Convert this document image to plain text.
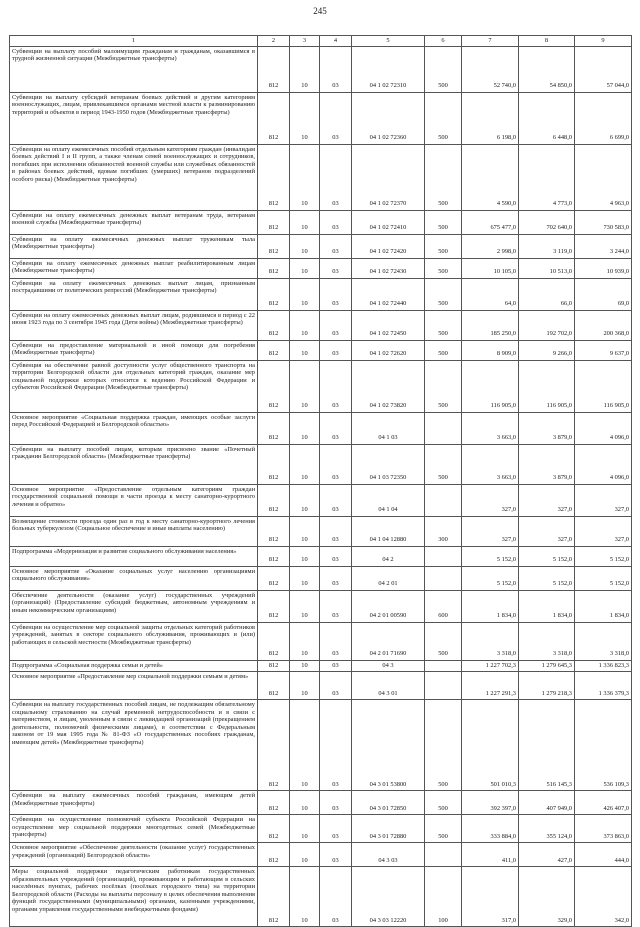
245
1	2	3	4	5	6	7	8	9
Субвенции на выплату пособий малоимущим гражданам и гражданам, оказавшимся в трудной жизненной ситуации (Межбюджетные трансферты)	812	10	03	04 1 02 72310	500	52 740,0	54 850,0	57 044,0
Субвенции на выплату субсидий ветеранам боевых действий и другим категориям военнослужащих, лицам, привлекавшимся органами местной власти к разминированию территорий и объектов в период 1943-1950 годов (Межбюджетные трансферты)	812	10	03	04 1 02 72360	500	6 198,0	6 448,0	6 699,0
Субвенции на оплату ежемесячных пособий отдельным категориям граждан (инвалидам боевых действий I и II групп, а также членам семей военнослужащих и сотрудников, погибших при исполнении обязанностей военной службы или служебных обязанностей в районах боевых действий, вдовам погибших (умерших) ветеранов подразделений особого риска) (Межбюджетные трансферты)	812	10	03	04 1 02 72370	500	4 590,0	4 773,0	4 963,0
Субвенции на оплату ежемесячных денежных выплат ветеранам труда, ветеранам военной службы (Межбюджетные трансферты)	812	10	03	04 1 02 72410	500	675 477,0	702 640,0	730 583,0
Субвенции на оплату ежемесячных денежных выплат труженикам тыла (Межбюджетные трансферты)	812	10	03	04 1 02 72420	500	2 998,0	3 119,0	3 244,0
Субвенции на оплату ежемесячных денежных выплат реабилитированным лицам (Межбюджетные трансферты)	812	10	03	04 1 02 72430	500	10 105,0	10 513,0	10 939,0
Субвенции на оплату ежемесячных денежных выплат лицам, признанным пострадавшими от политических репрессий (Межбюджетные трансферты)	812	10	03	04 1 02 72440	500	64,0	66,0	69,0
Субвенции на оплату ежемесячных денежных выплат лицам, родившимся в период с 22 июня 1923 года по 3 сентября 1945 года (Дети войны) (Межбюджетные трансферты)	812	10	03	04 1 02 72450	500	185 250,0	192 702,0	200 368,0
Субвенции на предоставление материальной и иной помощи для погребения (Межбюджетные трансферты)	812	10	03	04 1 02 72620	500	8 909,0	9 266,0	9 637,0
Субвенция на обеспечение равной доступности услуг общественного транспорта на территории Белгородской области для отдельных категорий граждан, оказание мер социальной поддержки которых относится к ведению Российской Федерации и субъектов Российской Федерации (Межбюджетные трансферты)	812	10	03	04 1 02 73820	500	116 905,0	116 905,0	116 905,0
Основное мероприятие «Социальная поддержка граждан, имеющих особые заслуги перед Российской Федерацией и Белгородской областью»	812	10	03	04 1 03		3 663,0	3 879,0	4 096,0
Субвенции на выплату пособий лицам, которым присвоено звание «Почетный гражданин Белгородской области» (Межбюджетные трансферты)	812	10	03	04 1 03 72350	500	3 663,0	3 879,0	4 096,0
Основное мероприятие «Предоставление отдельным категориям граждан государственной социальной помощи в части проезда к месту санаторно-курортного лечения и обратно»	812	10	03	04 1 04		327,0	327,0	327,0
Возмещение стоимости проезда один раз в год к месту санаторно-курортного лечения больных туберкулезом (Социальное обеспечение и иные выплаты населению)	812	10	03	04 1 04 12880	300	327,0	327,0	327,0
Подпрограмма «Модернизация и развитие социального обслуживания населения»	812	10	03	04 2		5 152,0	5 152,0	5 152,0
Основное мероприятие «Оказание социальных услуг населению организациями социального обслуживания»	812	10	03	04 2 01		5 152,0	5 152,0	5 152,0
Обеспечение деятельности (оказание услуг) государственных учреждений (организаций) (Предоставление субсидий бюджетным, автономным учреждениям и иным некоммерческим организациям)	812	10	03	04 2 01 00590	600	1 834,0	1 834,0	1 834,0
Субвенции на осуществление мер социальной защиты отдельных категорий работников учреждений, занятых в секторе социального обслуживания, проживающих и (или) работающих в сельской местности (Межбюджетные трансферты)	812	10	03	04 2 01 71690	500	3 318,0	3 318,0	3 318,0
Подпрограмма «Социальная поддержка семьи и детей»	812	10	03	04 3		1 227 702,3	1 279 645,3	1 336 823,3
Основное мероприятие «Предоставление мер социальной поддержки семьям и детям»	812	10	03	04 3 01		1 227 291,3	1 279 218,3	1 336 379,3
Субвенции на выплату государственных пособий лицам, не подлежащим обязательному социальному страхованию на случай временной нетрудоспособности и в связи с материнством, и лицам, уволенным в связи с ликвидацией организаций (прекращением деятельности, полномочий физическими лицами), в соответствии с Федеральным законом от 19 мая 1995 года № 81-ФЗ «О государственных пособиях гражданам, имеющим детей» (Межбюджетные трансферты)	812	10	03	04 3 01 53800	500	501 010,3	516 145,3	536 109,3
Субвенции на выплату ежемесячных пособий гражданам, имеющим детей (Межбюджетные трансферты)	812	10	03	04 3 01 72850	500	392 397,0	407 949,0	426 407,0
Субвенции на осуществление полномочий субъекта Российской Федерации на осуществление мер социальной поддержки многодетных семей (Межбюджетные трансферты)	812	10	03	04 3 01 72880	500	333 884,0	355 124,0	373 863,0
Основное мероприятие «Обеспечение деятельности (оказание услуг) государственных учреждений (организаций) Белгородской области»	812	10	03	04 3 03		411,0	427,0	444,0
Меры социальной поддержки педагогическим работникам государственных образовательных учреждений (организаций), проживающим и работающим в сельских населённых пунктах, рабочих посёлках (посёлках городского типа) на территории Белгородской области (Расходы на выплаты персоналу в целях обеспечения выполнения функций государственными (муниципальными) органами, казенными учреждениями, органами управления государственными внебюджетными фондами)	812	10	03	04 3 03 12220	100	317,0	329,0	342,0
